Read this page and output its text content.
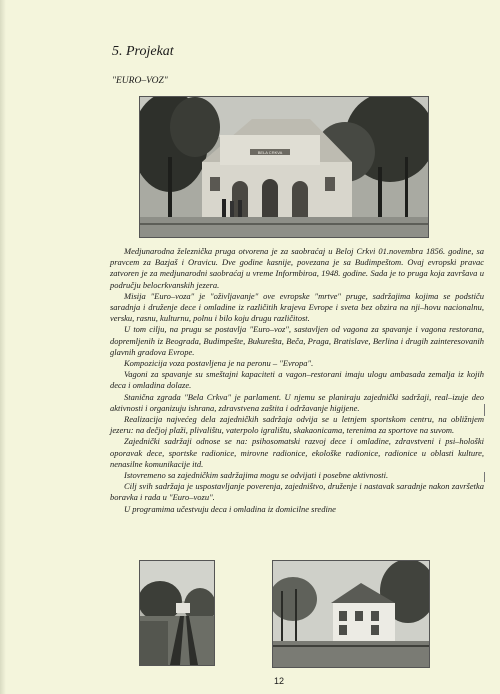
5. Projekat
"EURO–VOZ"
BELA CRKVA

Medjunarodna železnička pruga otvorena je za saobraćaj u Beloj Crkvi 01.novembra 1856. godine, sa pravcem za Bazjaš i Oravicu. Dve godine kasnije, povezana je sa Budimpeštom. Ovaj evropski pravac zatvoren je za medjunarodni saobraćaj u vreme Informbiroa, 1948. godine. Sada je to pruga koja završava u području belocrkvanskih jezera.

Misija "Euro–voza" je "oživljavanje" ove evropske "mrtve" pruge, sadržajima kojima se podstiču saradnja i druženje dece i omladine iz različitih krajeva Evrope i sveta bez obzira na nji–hovu nacionalnu, versku, rasnu, kulturnu, polnu i bilo koju drugu različitost.

U tom cilju, na prugu se postavlja "Euro–voz", sastavljen od vagona za spavanje i vagona restorana, dopremljenih iz Beograda, Budimpešte, Bukurešta, Beča, Praga, Bratislave, Berlina i drugih zainteresovanih glavnih gradova Evrope.

Kompozicija voza postavljena je na peronu – "Evropa".

Vagoni za spavanje su smeštajni kapaciteti a vagon–restorani imaju ulogu ambasada zemalja iz kojih deca i omladina dolaze.

Stanična zgrada "Bela Crkva" je parlament. U njemu se planiraju zajednički sadržaji, real–izuje deo aktivnosti i organizuju ishrana, zdravstvena zaštita i održavanje higijene.

Realizacija najvećeg dela zajedničkih sadržaja odvija se u letnjem sportskom centru, na obližnjem jezeru: na dečjoj plaži, plivalištu, vaterpolo igralištu, skakaonicama, terenima za sportove na suvom.

Zajednički sadržaji odnose se na: psihosomatski razvoj dece i omladine, zdravstveni i psi–hološki oporavak dece, sportske radionice, mirovne radionice, ekološke radionice, radionice u oblasti kulture, nenasilne komunikacije itd.

Istovremeno sa zajedničkim sadržajima mogu se odvijati i posebne aktivnosti.

Cilj svih sadržaja je uspostavljanje poverenja, zajedništvo, druženje i nastavak saradnje nakon završetka boravka i rada u "Euro–vozu".

U programima učestvuju deca i omladina iz domicilne sredine

12
